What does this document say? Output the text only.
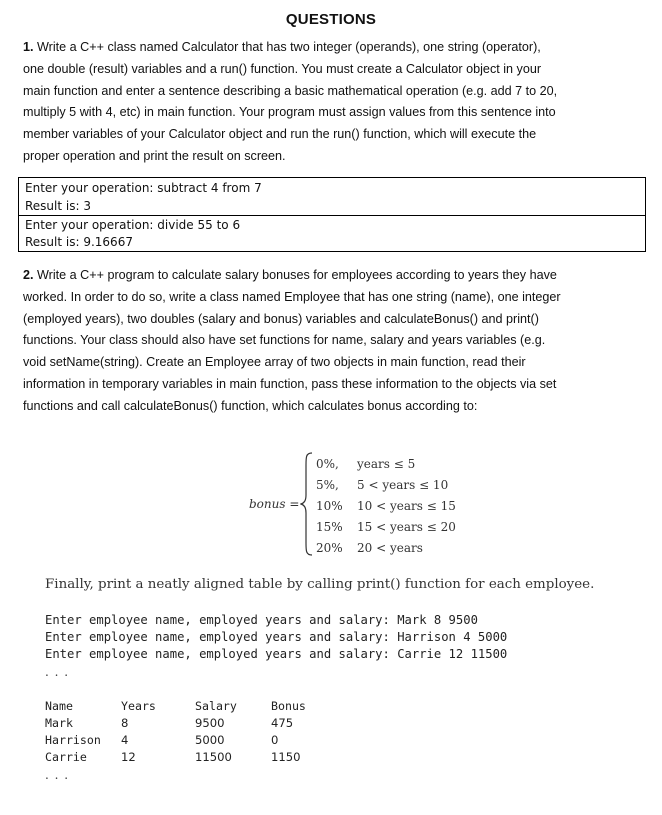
QUESTIONS
1. Write a C++ class named Calculator that has two integer (operands), one string (operator),
one double (result) variables and a run() function. You must create a Calculator object in your
main function and enter a sentence describing a basic mathematical operation (e.g. add 7 to 20,
multiply 5 with 4, etc) in main function. Your program must assign values from this sentence into
member variables of your Calculator object and run the run() function, which will execute the
proper operation and print the result on screen.
Enter your operation: subtract 4 from 7
Result is: 3
Enter your operation: divide 55 to 6
Result is: 9.16667
2. Write a C++ program to calculate salary bonuses for employees according to years they have
worked. In order to do so, write a class named Employee that has one string (name), one integer
(employed years), two doubles (salary and bonus) variables and calculateBonus() and print()
functions. Your class should also have set functions for name, salary and years variables (e.g.
void setName(string). Create an Employee array of two objects in main function, read their
information in temporary variables in main function, pass these information to the objects via set
functions and call calculateBonus() function, which calculates bonus according to:
bonus =
0%, years ≤ 5
5%, 5 < years ≤ 10
10% 10 < years ≤ 15
15% 15 < years ≤ 20
20% 20 < years
Finally, print a neatly aligned table by calling print() function for each employee.
Enter employee name, employed years and salary: Mark 8 9500
Enter employee name, employed years and salary: Harrison 4 5000
Enter employee name, employed years and salary: Carrie 12 11500
. . .
Name	Years	Salary	Bonus
Mark	8	9500	475
Harrison 4	5000	0
Carrie	12	11500	1150
. . .
